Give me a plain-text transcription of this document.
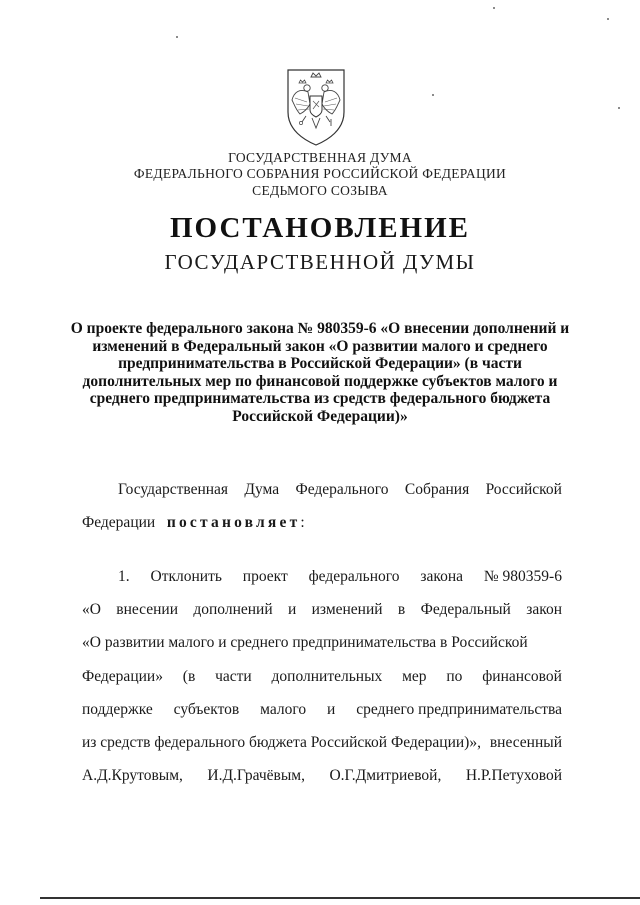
ГОСУДАРСТВЕННАЯ ДУМА
ФЕДЕРАЛЬНОГО СОБРАНИЯ РОССИЙСКОЙ ФЕДЕРАЦИИ
СЕДЬМОГО СОЗЫВА
ПОСТАНОВЛЕНИЕ
ГОСУДАРСТВЕННОЙ ДУМЫ
О проекте федерального закона № 980359-6 «О внесении дополнений и
изменений в Федеральный закон «О развитии малого и среднего
предпринимательства в Российской Федерации» (в части
дополнительных мер по финансовой поддержке субъектов малого и
среднего предпринимательства из средств федерального бюджета
Российской Федерации)»
Государственная Дума Федерального Собрания Российской
Федерации постановляет:
1. Отклонить проект федерального закона № 980359-6
«О внесении дополнений и изменений в Федеральный закон
«О развитии малого и среднего предпринимательства в Российской
Федерации» (в части дополнительных мер по финансовой
поддержке субъектов малого и среднего предпринимательства
из средств федерального бюджета Российской Федерации)», внесенный
А.Д.Крутовым, И.Д.Грачёвым, О.Г.Дмитриевой, Н.Р.Петуховой
